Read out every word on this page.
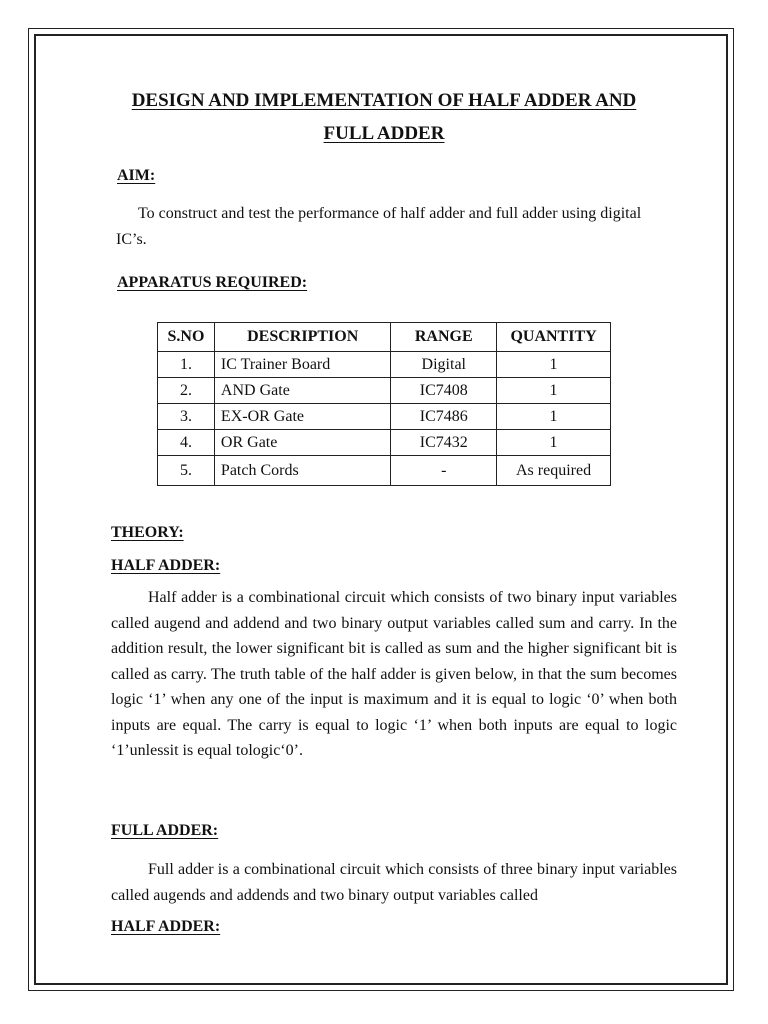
DESIGN AND IMPLEMENTATION OF HALF ADDER AND
FULL ADDER
AIM:

To construct and test the performance of half adder and full adder using digital IC’s.

APPARATUS REQUIRED:
S.NO	DESCRIPTION	RANGE	QUANTITY
1.	IC Trainer Board	Digital	1
2.	AND Gate	IC7408	1
3.	EX-OR Gate	IC7486	1
4.	OR Gate	IC7432	1
5.	Patch Cords	-	As required
THEORY:
HALF ADDER:

Half adder is a combinational circuit which consists of two binary input variables called augend and addend and two binary output variables called sum and carry. In the addition result, the lower significant bit is called as sum and the higher significant bit is called as carry. The truth table of the half adder is given below, in that the sum becomes logic ‘1’ when any one of the input is maximum and it is equal to logic ‘0’ when both inputs are equal. The carry is equal to logic ‘1’ when both inputs are equal to logic ‘1’unlessit is equal tologic‘0’.

FULL ADDER:

Full adder is a combinational circuit which consists of three binary input variables called augends and addends and two binary output variables called

HALF ADDER:
